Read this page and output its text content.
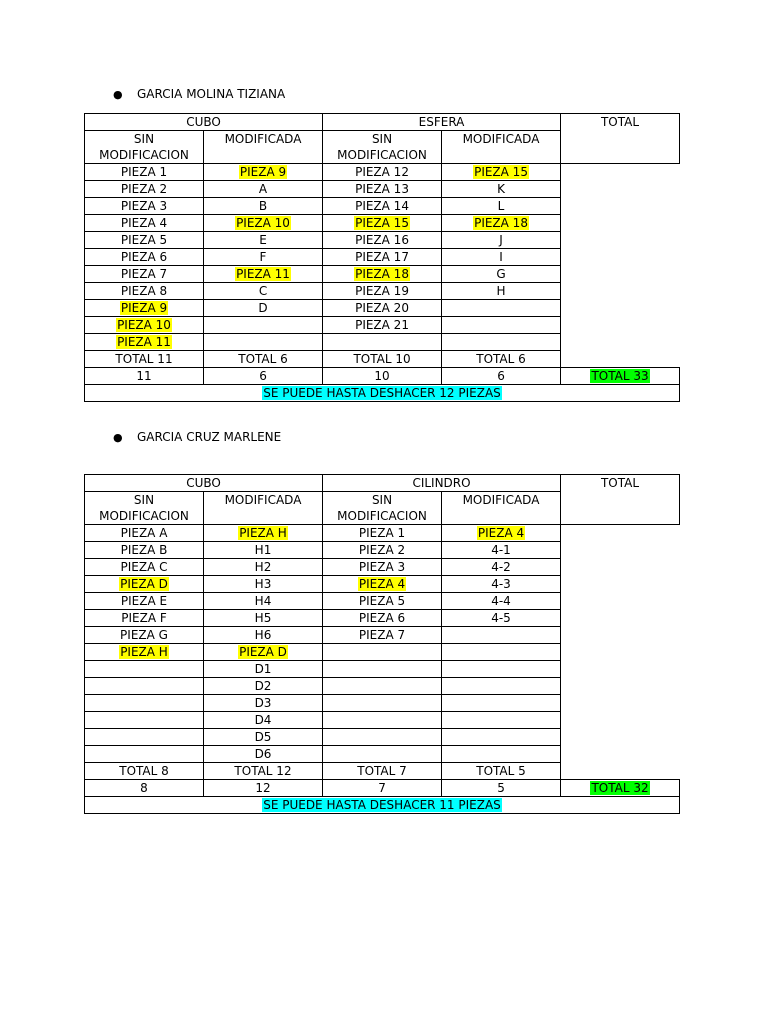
● GARCIA MOLINA TIZIANA
CUBO		ESFERA		TOTAL
SIN MODIFICACION	MODIFICADA	SIN MODIFICACION	MODIFICADA	
PIEZA 1	PIEZA 9	PIEZA 12	PIEZA 15	
PIEZA 2	A	PIEZA 13	K	
PIEZA 3	B	PIEZA 14	L	
PIEZA 4	PIEZA 10	PIEZA 15	PIEZA 18	
PIEZA 5	E	PIEZA 16	J	
PIEZA 6	F	PIEZA 17	I	
PIEZA 7	PIEZA 11	PIEZA 18	G	
PIEZA 8	C	PIEZA 19	H	
PIEZA 9	D	PIEZA 20		
PIEZA 10		PIEZA 21		
PIEZA 11				
TOTAL 11	TOTAL 6	TOTAL 10	TOTAL 6	
11	6	10	6	TOTAL 33
SE PUEDE HASTA DESHACER 12 PIEZAS				
● GARCIA CRUZ MARLENE
CUBO		CILINDRO		TOTAL
SIN MODIFICACION	MODIFICADA	SIN MODIFICACION	MODIFICADA	
PIEZA A	PIEZA H	PIEZA 1	PIEZA 4	
PIEZA B	H1	PIEZA 2	4-1	
PIEZA C	H2	PIEZA 3	4-2	
PIEZA D	H3	PIEZA 4	4-3	
PIEZA E	H4	PIEZA 5	4-4	
PIEZA F	H5	PIEZA 6	4-5	
PIEZA G	H6	PIEZA 7		
PIEZA H	PIEZA D			
	D1			
	D2			
	D3			
	D4			
	D5			
	D6			
TOTAL 8	TOTAL 12	TOTAL 7	TOTAL 5	
8	12	7	5	TOTAL 32
SE PUEDE HASTA DESHACER 11 PIEZAS				
